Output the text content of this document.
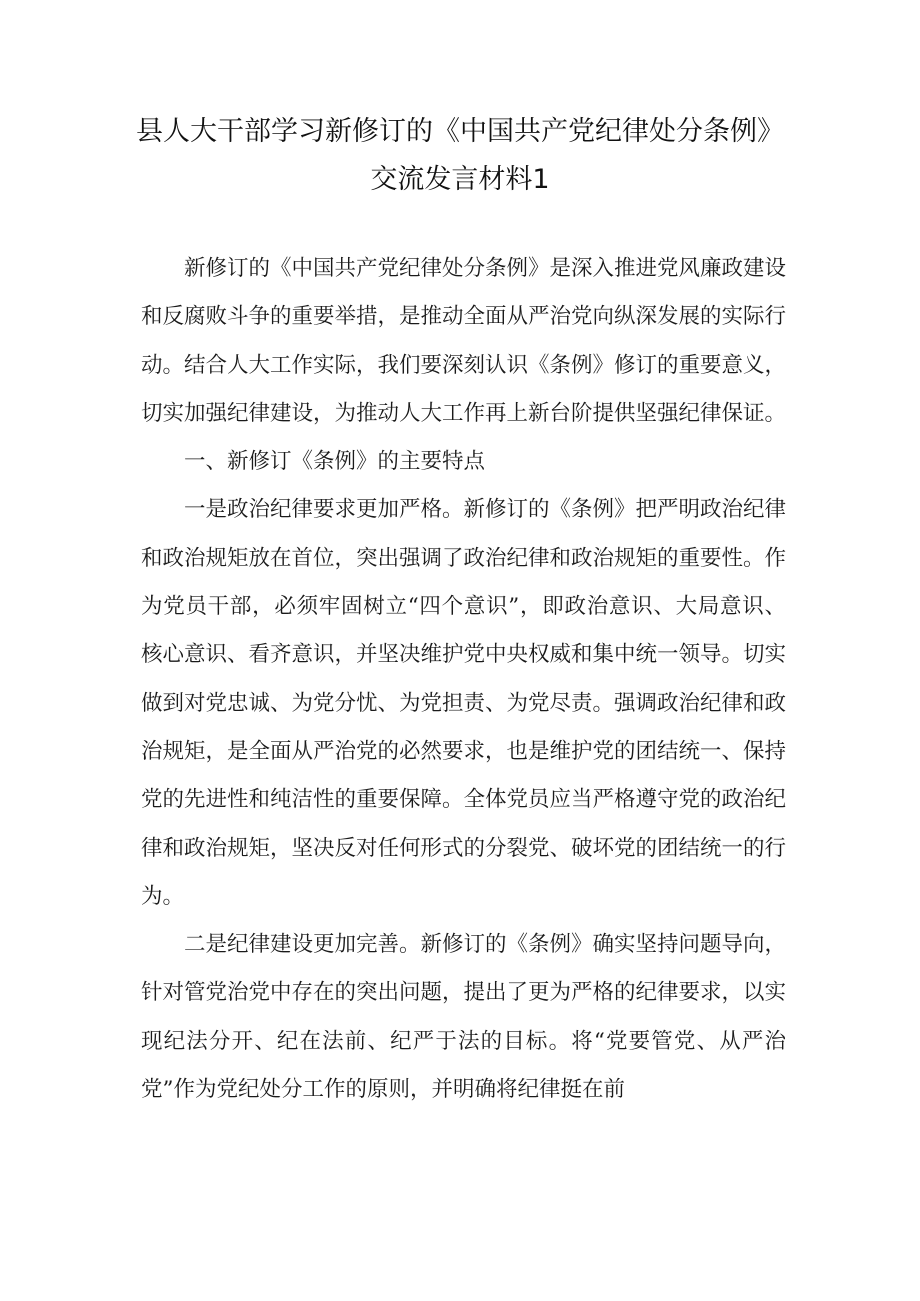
县人大干部学习新修订的《中国共产党纪律处分条例》
交流发言材料1

新修订的《中国共产党纪律处分条例》是深入推进党风廉政建设和反腐败斗争的重要举措，是推动全面从严治党向纵深发展的实际行动。结合人大工作实际，我们要深刻认识《条例》修订的重要意义，切实加强纪律建设，为推动人大工作再上新台阶提供坚强纪律保证。

一、新修订《条例》的主要特点

一是政治纪律要求更加严格。新修订的《条例》把严明政治纪律和政治规矩放在首位，突出强调了政治纪律和政治规矩的重要性。作为党员干部，必须牢固树立“四个意识”，即政治意识、大局意识、核心意识、看齐意识，并坚决维护党中央权威和集中统一领导。切实做到对党忠诚、为党分忧、为党担责、为党尽责。强调政治纪律和政治规矩，是全面从严治党的必然要求，也是维护党的团结统一、保持党的先进性和纯洁性的重要保障。全体党员应当严格遵守党的政治纪律和政治规矩，坚决反对任何形式的分裂党、破坏党的团结统一的行为。

二是纪律建设更加完善。新修订的《条例》确实坚持问题导向，针对管党治党中存在的突出问题，提出了更为严格的纪律要求，以实现纪法分开、纪在法前、纪严于法的目标。将“党要管党、从严治党”作为党纪处分工作的原则，并明确将纪律挺在前
